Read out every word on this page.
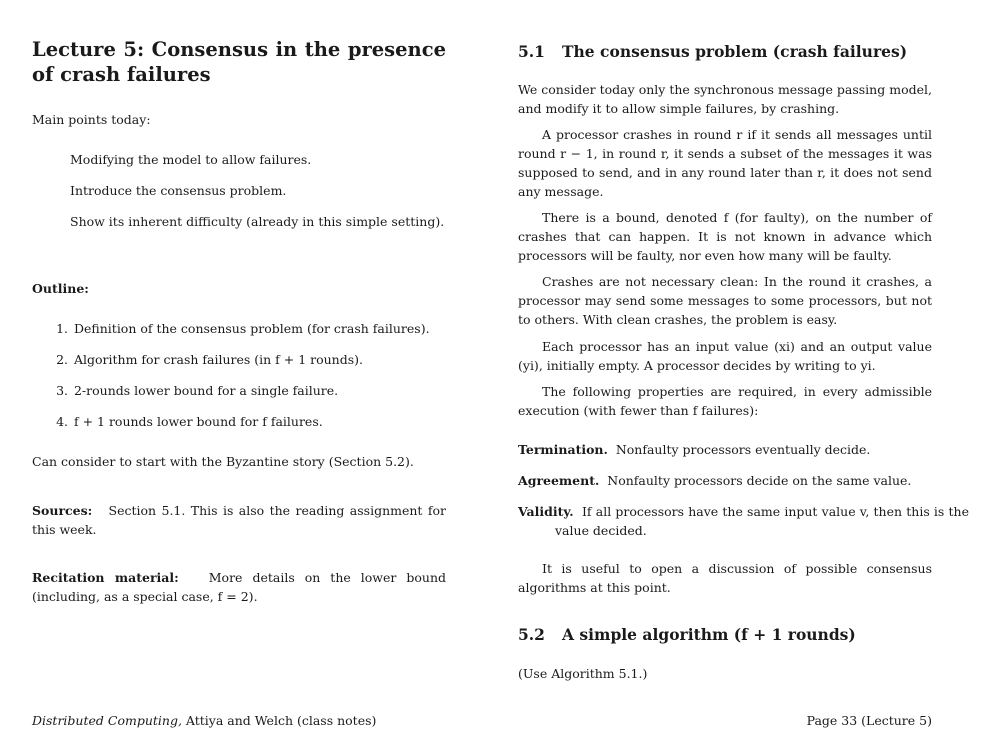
Lecture 5: Consensus in the presence of crash failures
Main points today:
Modifying the model to allow failures.
Introduce the consensus problem.
Show its inherent difficulty (already in this simple setting).
Outline:
1. Definition of the consensus problem (for crash failures).
2. Algorithm for crash failures (in f + 1 rounds).
3. 2-rounds lower bound for a single failure.
4. f + 1 rounds lower bound for f failures.
Can consider to start with the Byzantine story (Section 5.2).
Sources: Section 5.1. This is also the reading assignment for this week.
Recitation material: More details on the lower bound (including, as a special case, f = 2).
5.1 The consensus problem (crash failures)
We consider today only the synchronous message passing model, and modify it to allow simple failures, by crashing.
A processor crashes in round r if it sends all messages until round r − 1, in round r, it sends a subset of the messages it was supposed to send, and in any round later than r, it does not send any message.
There is a bound, denoted f (for faulty), on the number of crashes that can happen. It is not known in advance which processors will be faulty, nor even how many will be faulty.
Crashes are not necessary clean: In the round it crashes, a processor may send some messages to some processors, but not to others. With clean crashes, the problem is easy.
Each processor has an input value (xi) and an output value (yi), initially empty. A processor decides by writing to yi.
The following properties are required, in every admissible execution (with fewer than f failures):
Termination. Nonfaulty processors eventually decide.
Agreement. Nonfaulty processors decide on the same value.
Validity. If all processors have the same input value v, then this is the value decided.
It is useful to open a discussion of possible consensus algorithms at this point.
5.2 A simple algorithm (f + 1 rounds)
(Use Algorithm 5.1.)
Distributed Computing, Attiya and Welch (class notes)	Page 33 (Lecture 5)
